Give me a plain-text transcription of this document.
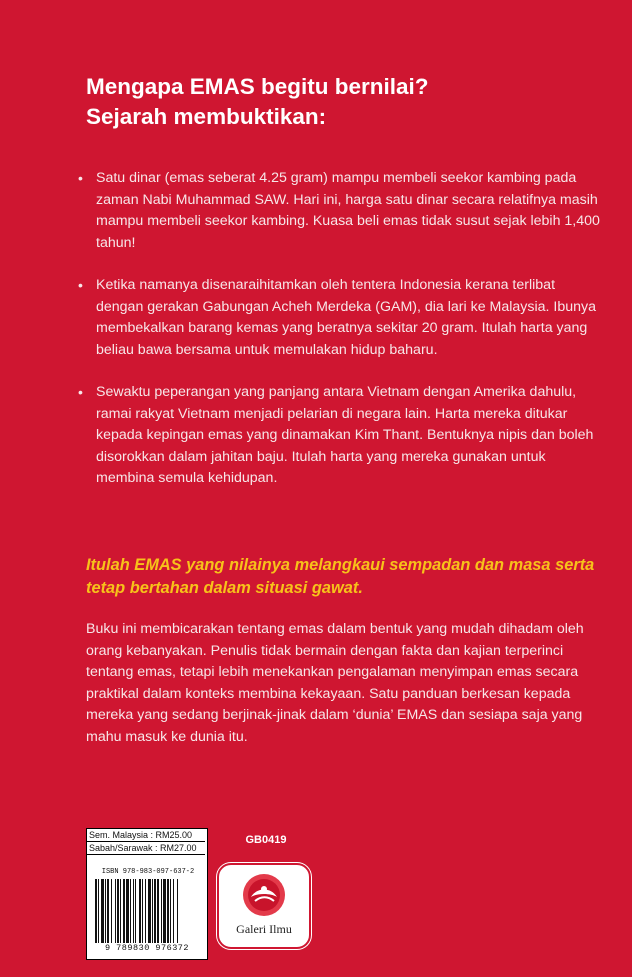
Mengapa EMAS begitu bernilai?
Sejarah membuktikan:
• Satu dinar (emas seberat 4.25 gram) mampu membeli seekor kambing pada zaman Nabi Muhammad SAW. Hari ini, harga satu dinar secara relatifnya masih mampu membeli seekor kambing. Kuasa beli emas tidak susut sejak lebih 1,400 tahun!
• Ketika namanya disenaraihitamkan oleh tentera Indonesia kerana terlibat dengan gerakan Gabungan Acheh Merdeka (GAM), dia lari ke Malaysia. Ibunya membekalkan barang kemas yang beratnya sekitar 20 gram. Itulah harta yang beliau bawa bersama untuk memulakan hidup baharu.
• Sewaktu peperangan yang panjang antara Vietnam dengan Amerika dahulu, ramai rakyat Vietnam menjadi pelarian di negara lain. Harta mereka ditukar kepada kepingan emas yang dinamakan Kim Thant. Bentuknya nipis dan boleh disorokkan dalam jahitan baju. Itulah harta yang mereka gunakan untuk membina semula kehidupan.
Itulah EMAS yang nilainya melangkaui sempadan dan masa serta tetap bertahan dalam situasi gawat.
Buku ini membicarakan tentang emas dalam bentuk yang mudah dihadam oleh orang kebanyakan. Penulis tidak bermain dengan fakta dan kajian terperinci tentang emas, tetapi lebih menekankan pengalaman menyimpan emas secara praktikal dalam konteks membina kekayaan. Satu panduan berkesan kepada mereka yang sedang berjinak-jinak dalam ‘dunia’ EMAS dan sesiapa saja yang mahu masuk ke dunia itu.
Sem. Malaysia : RM25.00
Sabah/Sarawak : RM27.00
ISBN 978-983-097-637-2
9 789830 976372
GB0419
Galeri Ilmu
